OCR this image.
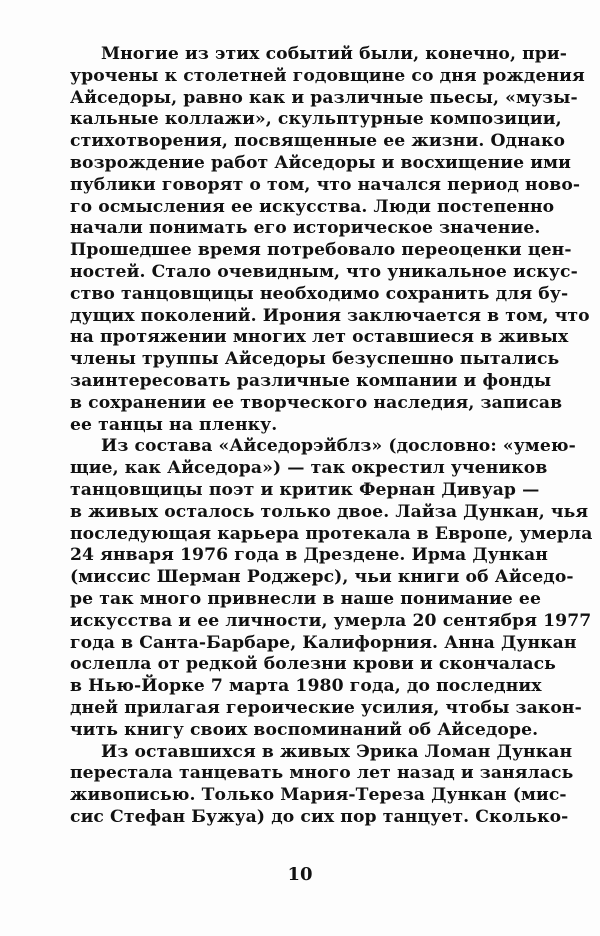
Многие из этих событий были, конечно, при-
урочены к столетней годовщине со дня рождения
Айседоры, равно как и различные пьесы, «музы-
кальные коллажи», скульптурные композиции,
стихотворения, посвященные ее жизни. Однако
возрождение работ Айседоры и восхищение ими
публики говорят о том, что начался период ново-
го осмысления ее искусства. Люди постепенно
начали понимать его историческое значение.
Прошедшее время потребовало переоценки цен-
ностей. Стало очевидным, что уникальное искус-
ство танцовщицы необходимо сохранить для бу-
дущих поколений. Ирония заключается в том, что
на протяжении многих лет оставшиеся в живых
члены труппы Айседоры безуспешно пытались
заинтересовать различные компании и фонды
в сохранении ее творческого наследия, записав
ее танцы на пленку.
Из состава «Айседорэйблз» (дословно: «умею-
щие, как Айседора») — так окрестил учеников
танцовщицы поэт и критик Фернан Дивуар —
в живых осталось только двое. Лайза Дункан, чья
последующая карьера протекала в Европе, умерла
24 января 1976 года в Дрездене. Ирма Дункан
(миссис Шерман Роджерс), чьи книги об Айседо-
ре так много привнесли в наше понимание ее
искусства и ее личности, умерла 20 сентября 1977
года в Санта-Барбаре, Калифорния. Анна Дункан
ослепла от редкой болезни крови и скончалась
в Нью-Йорке 7 марта 1980 года, до последних
дней прилагая героические усилия, чтобы закон-
чить книгу своих воспоминаний об Айседоре.
Из оставшихся в живых Эрика Ломан Дункан
перестала танцевать много лет назад и занялась
живописью. Только Мария-Тереза Дункан (мис-
сис Стефан Бужуа) до сих пор танцует. Сколько-
10
